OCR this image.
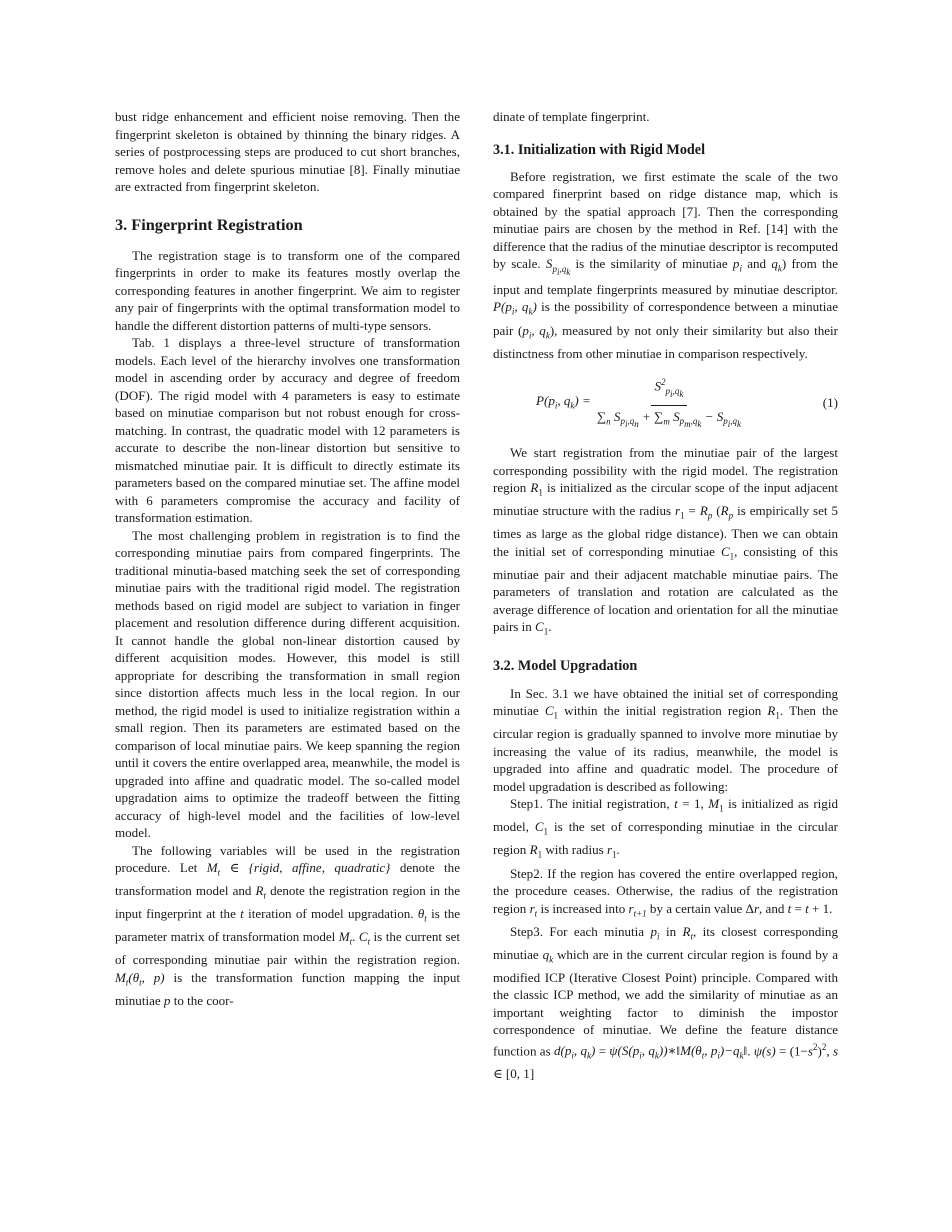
bust ridge enhancement and efficient noise removing. Then the fingerprint skeleton is obtained by thinning the binary ridges. A series of postprocessing steps are produced to cut short branches, remove holes and delete spurious minutiae [8]. Finally minutiae are extracted from fingerprint skeleton.

3. Fingerprint Registration

The registration stage is to transform one of the compared fingerprints in order to make its features mostly overlap the corresponding features in another fingerprint. We aim to register any pair of fingerprints with the optimal transformation model to handle the different distortion patterns of multi-type sensors.

Tab. 1 displays a three-level structure of transformation models. Each level of the hierarchy involves one transformation model in ascending order by accuracy and degree of freedom (DOF). The rigid model with 4 parameters is easy to estimate based on minutiae comparison but not robust enough for cross-matching. In contrast, the quadratic model with 12 parameters is accurate to describe the non-linear distortion but sensitive to mismatched minutiae pair. It is difficult to directly estimate its parameters based on the compared minutiae set. The affine model with 6 parameters compromise the accuracy and facility of transformation estimation.

The most challenging problem in registration is to find the corresponding minutiae pairs from compared fingerprints. The traditional minutia-based matching seek the set of corresponding minutiae pairs with the traditional rigid model. The registration methods based on rigid model are subject to variation in finger placement and resolution difference during different acquisition. It cannot handle the global non-linear distortion caused by different acquisition modes. However, this model is still appropriate for describing the transformation in small region since distortion affects much less in the local region. In our method, the rigid model is used to initialize registration within a small region. Then its parameters are estimated based on the comparison of local minutiae pairs. We keep spanning the region until it covers the entire overlapped area, meanwhile, the model is upgraded into affine and quadratic model. The so-called model upgradation aims to optimize the tradeoff between the fitting accuracy of high-level model and the facilities of low-level model.

The following variables will be used in the registration procedure. Let $M_t$ ∈ {rigid, affine, quadratic} denote the transformation model and $R_t$ denote the registration region in the input fingerprint at the t iteration of model upgradation. $\theta_t$ is the parameter matrix of transformation model $M_t$. $C_t$ is the current set of corresponding minutiae pair within the registration region. $M_t(\theta_t$, p) is the transformation function mapping the input minutiae p to the coor-

dinate of template fingerprint.

3.1. Initialization with Rigid Model

Before registration, we first estimate the scale of the two compared finerprint based on ridge distance map, which is obtained by the spatial approach [7]. Then the corresponding minutiae pairs are chosen by the method in Ref. [14] with the difference that the radius of the minutiae descriptor is recomputed by scale. $S_{p_i,q_k}$ is the similarity of minutiae $p_i$ and $q_k$) from the input and template fingerprints measured by minutiae descriptor. $P(p_i$, $q_k$) is the possibility of correspondence between a minutiae pair ($p_i$, $q_k$), measured by not only their similarity but also their distinctness from other minutiae in comparison respectively.

$P(p_i$, $q_k) = \frac{S^2_{p_i,q_k}}{\sum_n S_{p_i,q_n} + \sum_m S_{p_m,q_k} - S_{p_i,q_k}}$	(1)

We start registration from the minutiae pair of the largest corresponding possibility with the rigid model. The registration region $R_1$ is initialized as the circular scope of the input adjacent minutiae structure with the radius $r_1 = R_p$ ($R_p$ is empirically set 5 times as large as the global ridge distance). Then we can obtain the initial set of corresponding minutiae $C_1$, consisting of this minutiae pair and their adjacent matchable minutiae pairs. The parameters of translation and rotation are calculated as the average difference of location and orientation for all the minutiae pairs in $C_1$.

3.2. Model Upgradation

In Sec. 3.1 we have obtained the initial set of corresponding minutiae $C_1$ within the initial registration region $R_1$. Then the circular region is gradually spanned to involve more minutiae by increasing the value of its radius, meanwhile, the model is upgraded into affine and quadratic model. The procedure of model upgradation is described as following:

Step1. The initial registration, t = 1, $M_1$ is initialized as rigid model, $C_1$ is the set of corresponding minutiae in the circular region $R_1$ with radius $r_1$.

Step2. If the region has covered the entire overlapped region, the procedure ceases. Otherwise, the radius of the registration region $r_t$ is increased into $r_{t+1}$ by a certain value Δr, and t = t + 1.

Step3. For each minutia $p_i$ in $R_t$, its closest corresponding minutiae $q_k$ which are in the current circular region is found by a modified ICP (Iterative Closest Point) principle. Compared with the classic ICP method, we add the similarity of minutiae as an important weighting factor to diminish the impostor correspondence of minutiae. We define the feature distance function as $d(p_i$, $q_k) = \psi(S(p_i$, $q_k))∗‖M(\theta_t$, $p_i)-q_k‖$. $\psi(s) = (1-s^2)^2$, s ∈ [0, 1]
